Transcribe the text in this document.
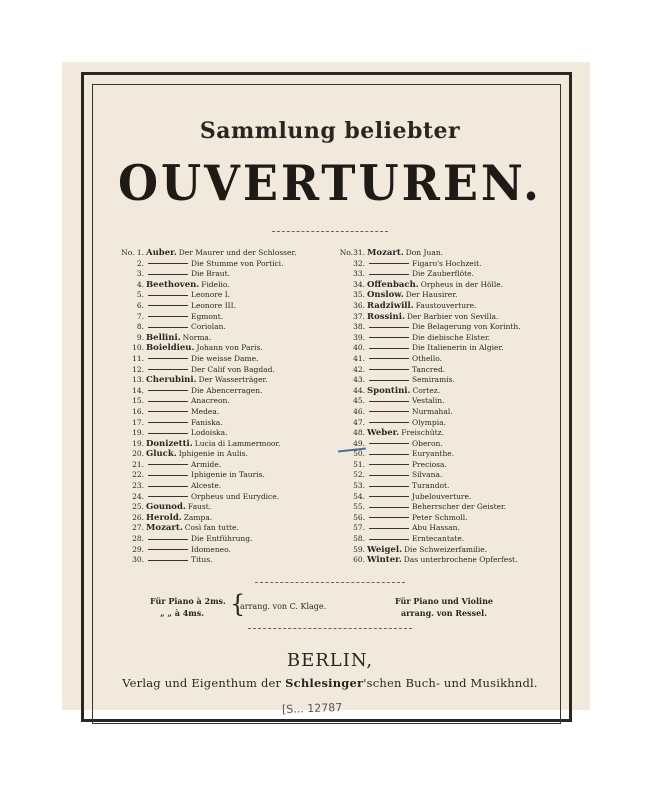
Sammlung beliebter
OUVERTUREN.
No. 1. Auber. Der Maurer und der Schlosser.
2.	Die Stumme von Portici.
3.	Die Braut.
4. Beethoven. Fidelio.
5.	Leonore I.
6.	Leonore III.
7.	Egmont.
8.	Coriolan.
9. Bellini. Norma.
10. Boieldieu. Johann von Paris.
11.	Die weisse Dame.
12.	Der Calif von Bagdad.
13. Cherubini. Der Wasserträger.
14.	Die Abencerragen.
15.	Anacreon.
16.	Medea.
17.	Faniska.
19.	Lodoiska.
19. Donizetti. Lucia di Lammermoor.
20. Gluck. Iphigenie in Aulis.
21.	Armide.
22.	Iphigenie in Tauris.
23.	Alceste.
24.	Orpheus und Eurydice.
25. Gounod. Faust.
26. Herold. Zampa.
27. Mozart. Così fan tutte.
28.	Die Entführung.
29.	Idomeneo.
30.	Titus.
No.31. Mozart. Don Juan.
32.	Figaro's Hochzeit.
33.	Die Zauberflöte.
34. Offenbach. Orpheus in der Hölle.
35. Onslow. Der Hausirer.
36. Radziwill. Faustouverture.
37. Rossini. Der Barbier von Sevilla.
38.	Die Belagerung von Korinth.
39.	Die diebische Elster.
40.	Die Italienerin in Algier.
41.	Othello.
42.	Tancred.
43.	Semiramis.
44. Spontini. Cortez.
45.	Vestalin.
46.	Nurmahal.
47.	Olympia.
48. Weber. Freischütz.
49.	Oberon.
50.	Euryanthe.
51.	Preciosa.
52.	Silvana.
53.	Turandot.
54.	Jubelouverture.
55.	Beherrscher der Geister.
56.	Peter Schmoll.
57.	Abu Hassan.
58.	Erntecantate.
59. Weigel. Die Schweizerfamilie.
60. Winter. Das unterbrochene Opferfest.
Für Piano à 2ms.
„ „ à 4ms.	{
arrang. von C. Klage.
Für Piano und Violine
arrang. von Ressel.
BERLIN,
Verlag und Eigenthum der Schlesinger'schen Buch- und Musikhndl.
[S... 12787
